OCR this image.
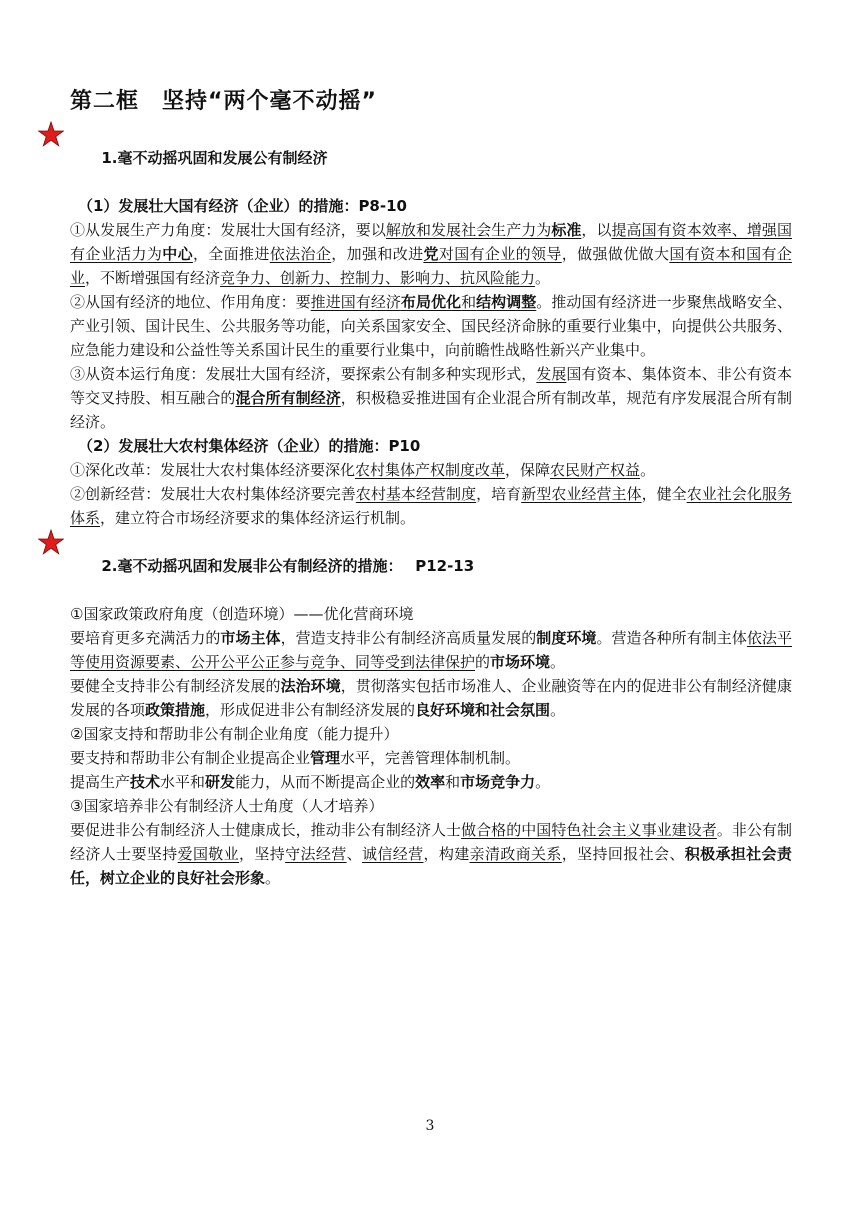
第二框　坚持“两个毫不动摇”

1.毫不动摇巩固和发展公有制经济

（1）发展壮大国有经济（企业）的措施：P8-10

①从发展生产力角度：发展壮大国有经济，要以解放和发展社会生产力为标准，以提高国有资本效率、增强国有企业活力为中心，全面推进依法治企，加强和改进党对国有企业的领导，做强做优做大国有资本和国有企业，不断增强国有经济竞争力、创新力、控制力、影响力、抗风险能力。

②从国有经济的地位、作用角度：要推进国有经济布局优化和结构调整。推动国有经济进一步聚焦战略安全、产业引领、国计民生、公共服务等功能，向关系国家安全、国民经济命脉的重要行业集中，向提供公共服务、应急能力建设和公益性等关系国计民生的重要行业集中，向前瞻性战略性新兴产业集中。

③从资本运行角度：发展壮大国有经济，要探索公有制多种实现形式，发展国有资本、集体资本、非公有资本等交叉持股、相互融合的混合所有制经济，积极稳妥推进国有企业混合所有制改革，规范有序发展混合所有制经济。

（2）发展壮大农村集体经济（企业）的措施：P10

①深化改革：发展壮大农村集体经济要深化农村集体产权制度改革，保障农民财产权益。

②创新经营：发展壮大农村集体经济要完善农村基本经营制度，培育新型农业经营主体，健全农业社会化服务体系，建立符合市场经济要求的集体经济运行机制。

2.毫不动摇巩固和发展非公有制经济的措施：　 P12-13

①国家政策政府角度（创造环境）——优化营商环境

要培育更多充满活力的市场主体，营造支持非公有制经济高质量发展的制度环境。营造各种所有制主体依法平等使用资源要素、公开公平公正参与竞争、同等受到法律保护的市场环境。

要健全支持非公有制经济发展的法治环境，贯彻落实包括市场准人、企业融资等在内的促进非公有制经济健康发展的各项政策措施，形成促进非公有制经济发展的良好环境和社会氛围。

②国家支持和帮助非公有制企业角度（能力提升）

要支持和帮助非公有制企业提高企业管理水平，完善管理体制机制。

提高生产技术水平和研发能力，从而不断提高企业的效率和市场竞争力。

③国家培养非公有制经济人士角度（人才培养）

要促进非公有制经济人士健康成长，推动非公有制经济人士做合格的中国特色社会主义事业建设者。非公有制经济人士要坚持爱国敬业，坚持守法经营、诚信经营，构建亲清政商关系，坚持回报社会、积极承担社会责任，树立企业的良好社会形象。

3
